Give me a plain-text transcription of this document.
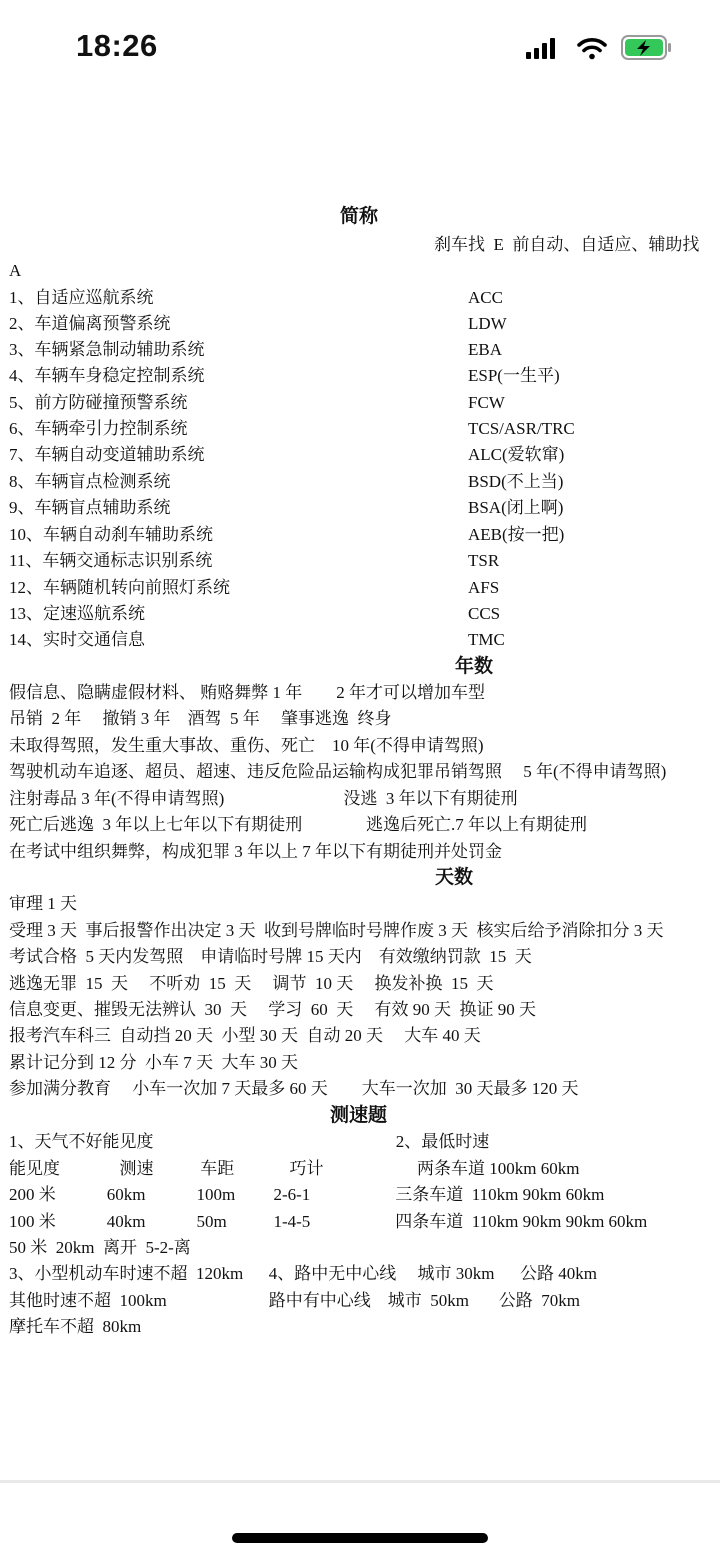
18:26
简称
刹车找  E  前自动、自适应、辅助找
A
1、自适应巡航系统	ACC
2、车道偏离预警系统	LDW
3、车辆紧急制动辅助系统	EBA
4、车辆车身稳定控制系统	ESP(一生平)
5、前方防碰撞预警系统	FCW
6、车辆牵引力控制系统	TCS/ASR/TRC
7、车辆自动变道辅助系统	ALC(爱软窜)
8、车辆盲点检测系统	BSD(不上当)
9、车辆盲点辅助系统	BSA(闭上啊)
10、车辆自动刹车辅助系统	AEB(按一把)
11、车辆交通标志识别系统	TSR
12、车辆随机转向前照灯系统	AFS
13、定速巡航系统	CCS
14、实时交通信息	TMC
年数
假信息、隐瞒虚假材料、 贿赂舞弊 1 年        2 年才可以增加车型
吊销  2 年     撤销 3 年    酒驾  5 年     肇事逃逸  终身
未取得驾照，发生重大事故、重伤、死亡    10 年(不得申请驾照)
驾驶机动车追逐、超员、超速、违反危险品运输构成犯罪吊销驾照     5 年(不得申请驾照)
注射毒品 3 年(不得申请驾照)                            没逃  3 年以下有期徒刑
死亡后逃逸  3 年以上七年以下有期徒刑               逃逸后死亡.7 年以上有期徒刑
在考试中组织舞弊，构成犯罪 3 年以上 7 年以下有期徒刑并处罚金
天数
审理 1 天
受理 3 天  事后报警作出决定 3 天  收到号牌临时号牌作废 3 天  核实后给予消除扣分 3 天
考试合格  5 天内发驾照    申请临时号牌 15 天内    有效缴纳罚款  15  天
逃逸无罪  15  天     不听劝  15  天     调节  10 天     换发补换  15  天
信息变更、摧毁无法辨认  30  天     学习  60  天     有效 90 天  换证 90 天
报考汽车科三  自动挡 20 天  小型 30 天  自动 20 天     大车 40 天
累计记分到 12 分  小车 7 天  大车 30 天
参加满分教育     小车一次加 7 天最多 60 天        大车一次加  30 天最多 120 天
测速题
1、天气不好能见度                                                         2、最低时速
能见度              测速           车距             巧计                      两条车道 100km 60km
200 米            60km            100m         2-6-1                    三条车道  110km 90km 60km
100 米            40km            50m           1-4-5                    四条车道  110km 90km 90km 60km
50 米  20km  离开  5-2-离
3、小型机动车时速不超  120km      4、路中无中心线     城市 30km      公路 40km
其他时速不超  100km                        路中有中心线    城市  50km       公路  70km
摩托车不超  80km
